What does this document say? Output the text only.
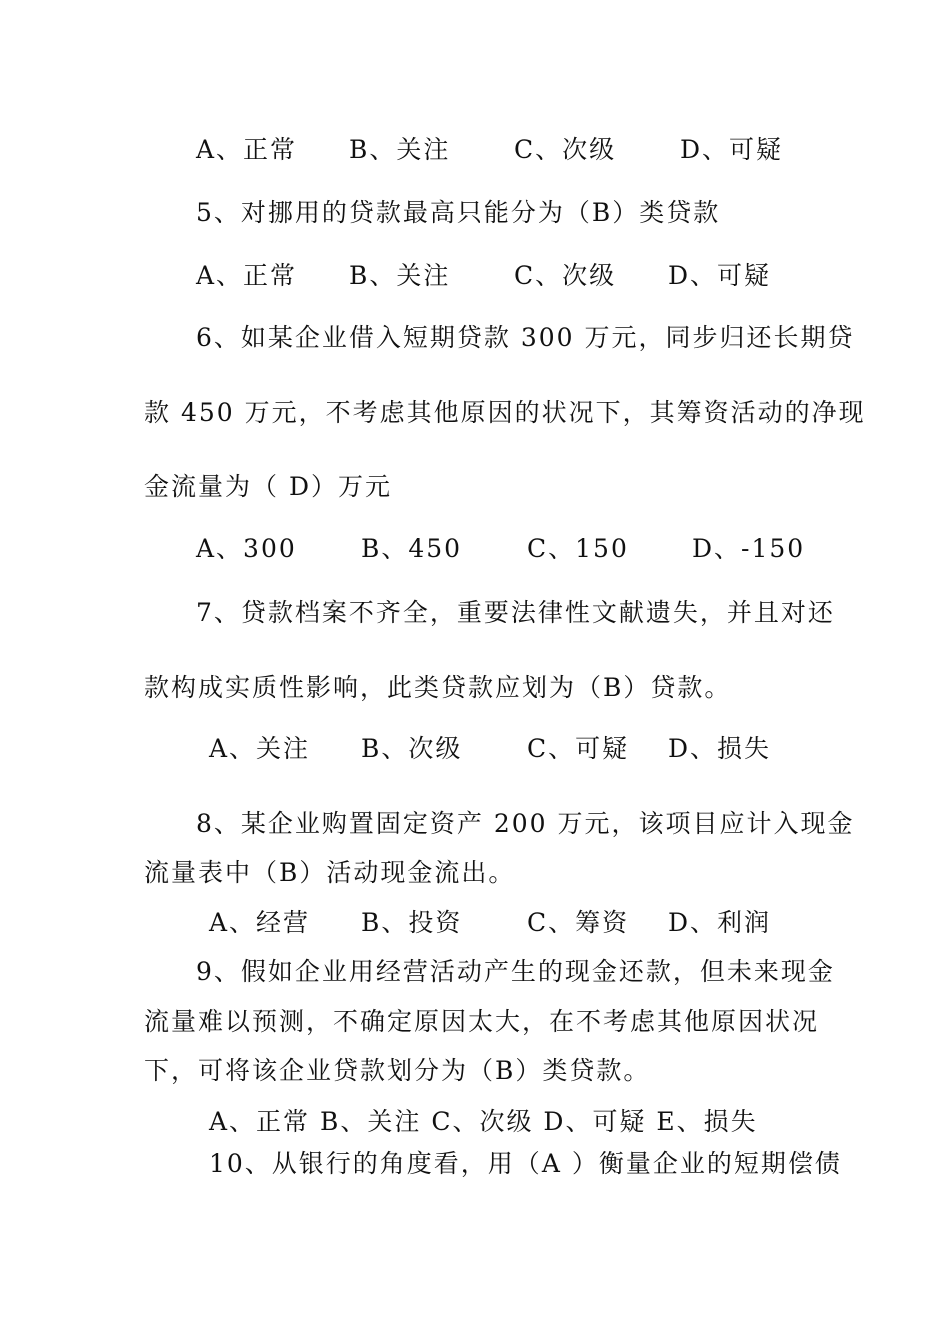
A、正常 B、关注	C、次级	D、可疑
5、对挪用的贷款最高只能分为（B）类贷款
A、正常 B、关注	C、次级 D、可疑
6、如某企业借入短期贷款 300 万元，同步归还长期贷
款 450 万元，不考虑其他原因的状况下，其筹资活动的净现
金流量为（ D）万元
A、300	B、450	C、150	D、-150
7、贷款档案不齐全，重要法律性文献遗失，并且对还
款构成实质性影响，此类贷款应划为（B）贷款。
A、关注 B、次级	C、可疑 D、损失
8、某企业购置固定资产 200 万元，该项目应计入现金
流量表中（B）活动现金流出。
A、经营 B、投资	C、筹资 D、利润
9、假如企业用经营活动产生的现金还款，但未来现金
流量难以预测，不确定原因太大，在不考虑其他原因状况
下，可将该企业贷款划分为（B）类贷款。
A、正常 B、关注 C、次级 D、可疑 E、损失
10、从银行的角度看，用（A ）衡量企业的短期偿债
